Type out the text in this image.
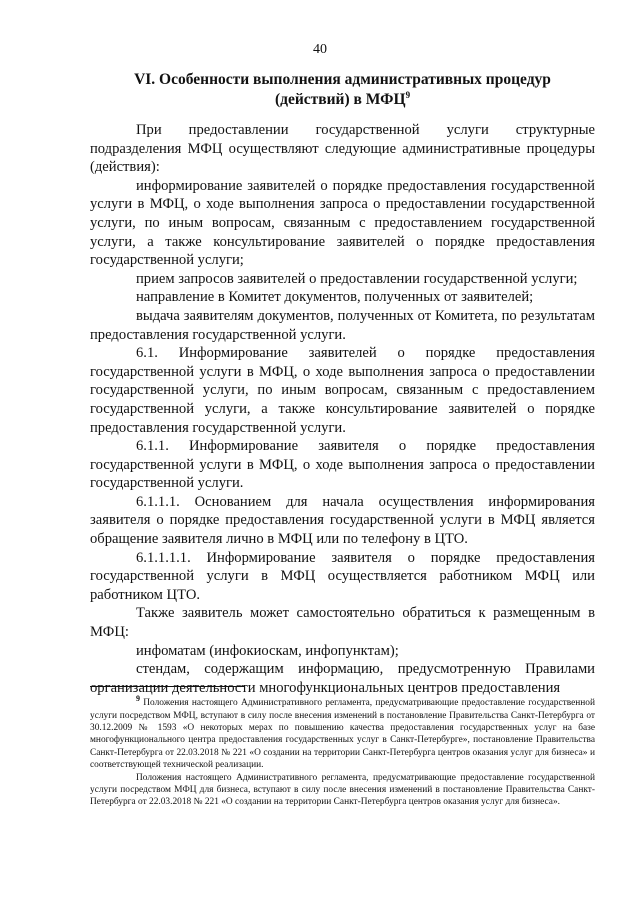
40
VI. Особенности выполнения административных процедур
(действий) в МФЦ$^9$

При предоставлении государственной услуги структурные подразделения МФЦ осуществляют следующие административные процедуры (действия):

информирование заявителей о порядке предоставления государственной услуги в МФЦ, о ходе выполнения запроса о предоставлении государственной услуги, по иным вопросам, связанным с предоставлением государственной услуги, а также консультирование заявителей о порядке предоставления государственной услуги;

прием запросов заявителей о предоставлении государственной услуги;

направление в Комитет документов, полученных от заявителей;

выдача заявителям документов, полученных от Комитета, по результатам предоставления государственной услуги.

6.1. Информирование заявителей о порядке предоставления государственной услуги в МФЦ, о ходе выполнения запроса о предоставлении государственной услуги, по иным вопросам, связанным с предоставлением государственной услуги, а также консультирование заявителей о порядке предоставления государственной услуги.

6.1.1. Информирование заявителя о порядке предоставления государственной услуги в МФЦ, о ходе выполнения запроса о предоставлении государственной услуги.

6.1.1.1. Основанием для начала осуществления информирования заявителя о порядке предоставления государственной услуги в МФЦ является обращение заявителя лично в МФЦ или по телефону в ЦТО.

6.1.1.1.1. Информирование заявителя о порядке предоставления государственной услуги в МФЦ осуществляется работником МФЦ или работником ЦТО.

Также заявитель может самостоятельно обратиться к размещенным в МФЦ:

инфоматам (инфокиоскам, инфопунктам);

стендам, содержащим информацию, предусмотренную Правилами организации деятельности многофункциональных центров предоставления

$^9$ Положения настоящего Административного регламента, предусматривающие предоставление государственной услуги посредством МФЦ, вступают в силу после внесения изменений в постановление Правительства Санкт-Петербурга от 30.12.2009 № 1593 «О некоторых мерах по повышению качества предоставления государственных услуг на базе многофункционального центра предоставления государственных услуг в Санкт-Петербурге», постановление Правительства Санкт-Петербурга от 22.03.2018 № 221 «О создании на территории Санкт-Петербурга центров оказания услуг для бизнеса» и соответствующей технической реализации.

Положения настоящего Административного регламента, предусматривающие предоставление государственной услуги посредством МФЦ для бизнеса, вступают в силу после внесения изменений в постановление Правительства Санкт-Петербурга от 22.03.2018 № 221 «О создании на территории Санкт-Петербурга центров оказания услуг для бизнеса».
